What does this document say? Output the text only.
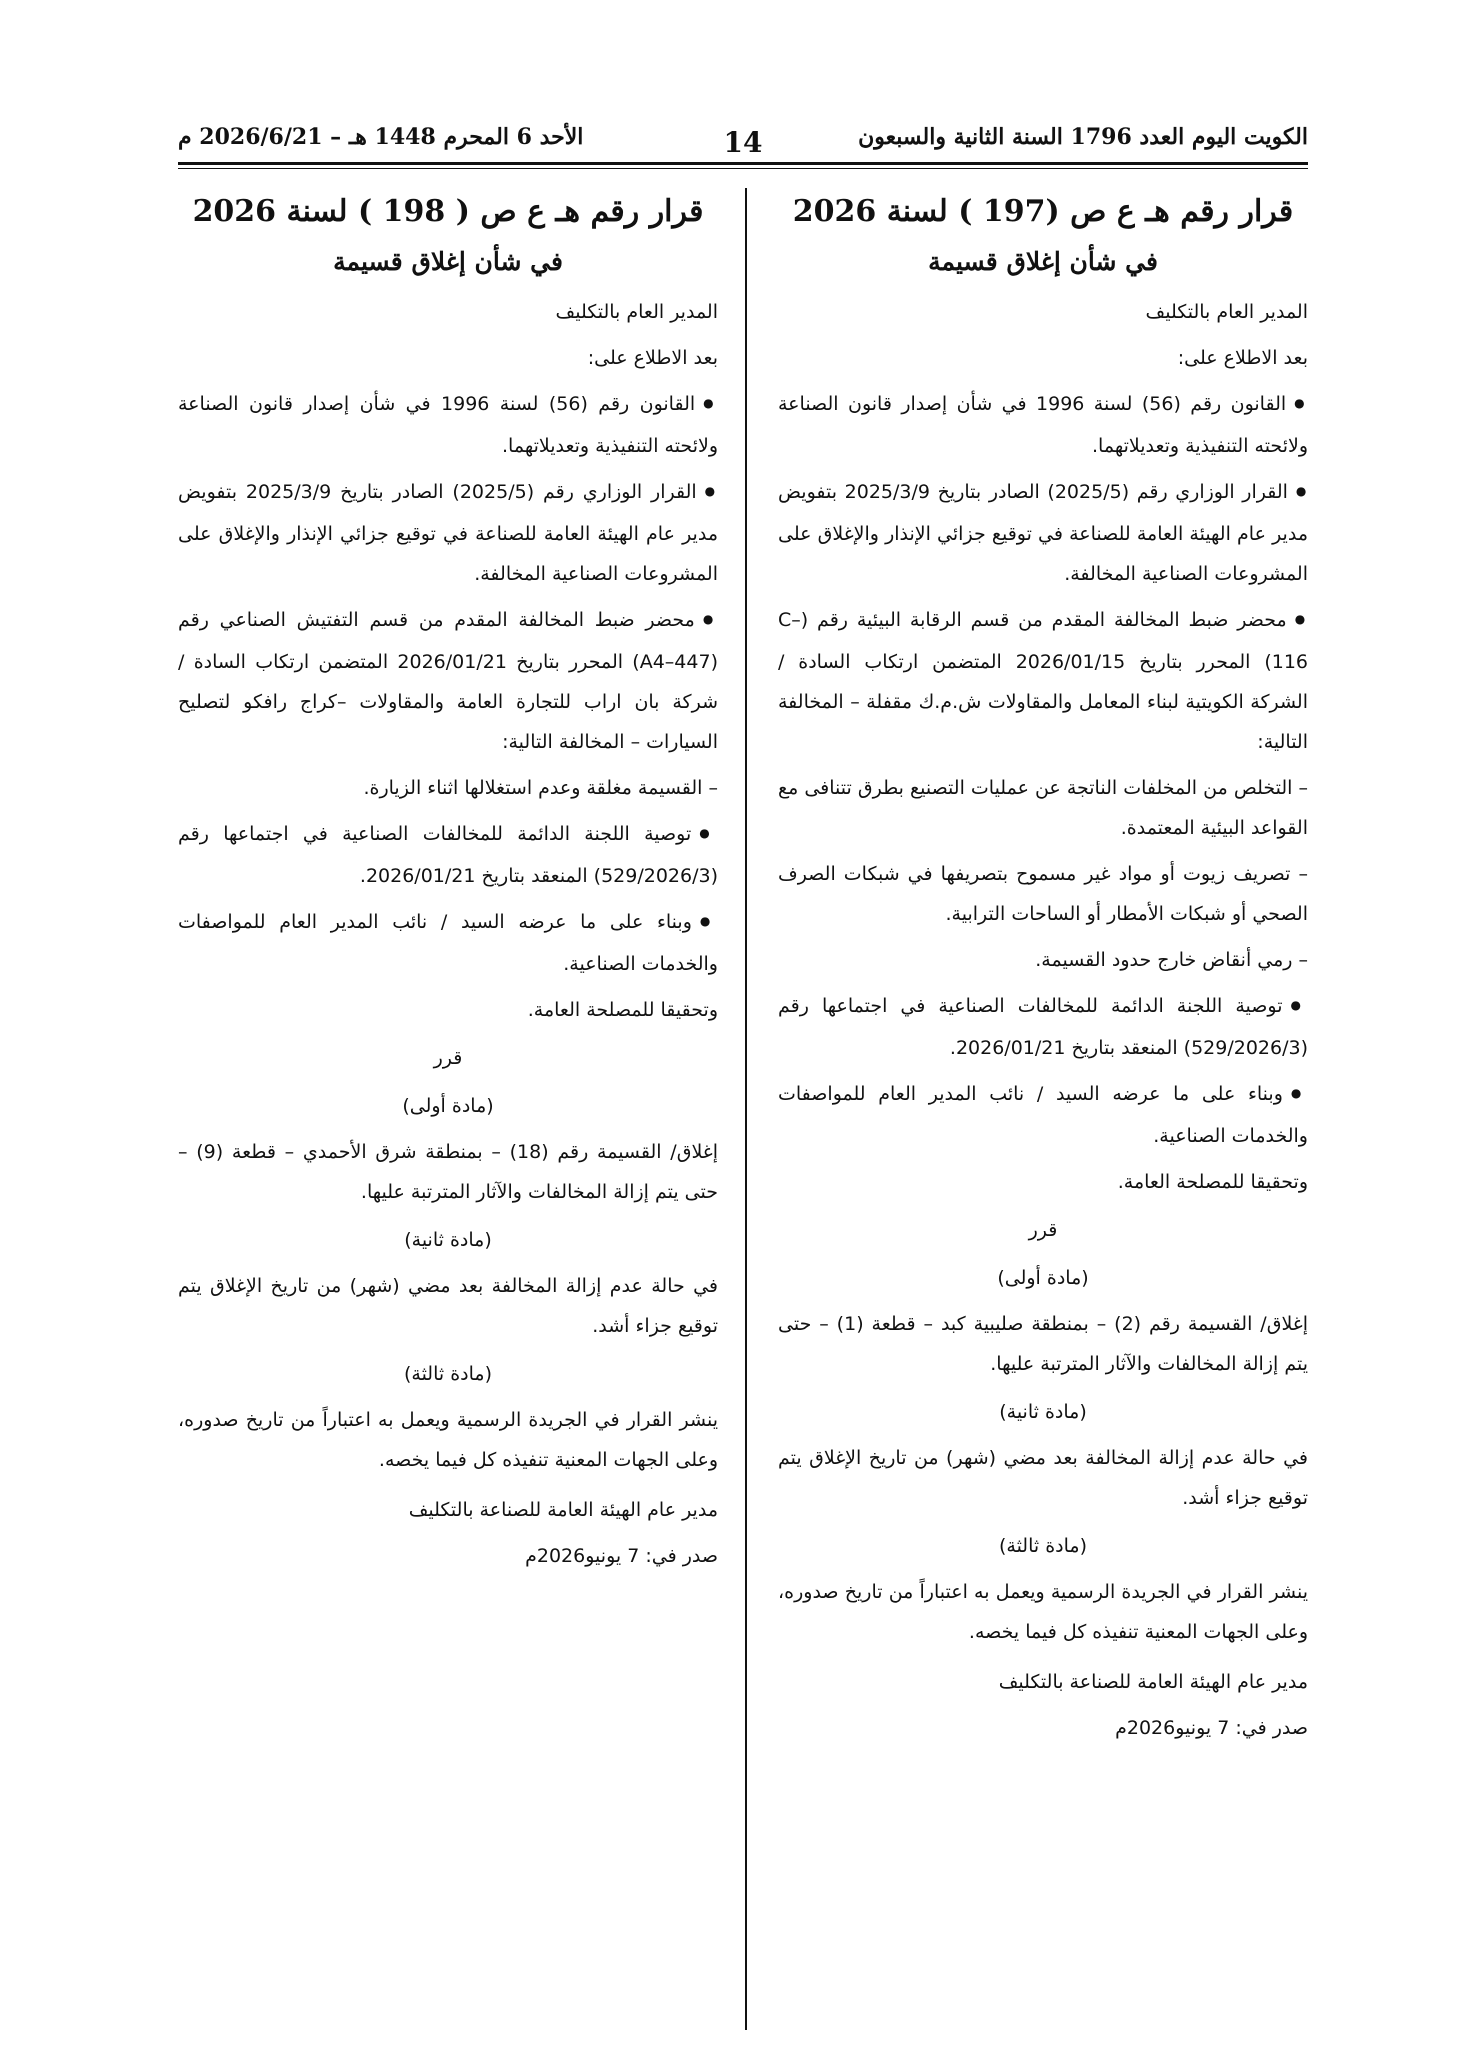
الكويت اليوم العدد 1796 السنة الثانية والسبعون
14
الأحد 6 المحرم 1448 هـ – 2026/6/21 م
قرار رقم هـ ع ص (197 ) لسنة 2026
في شأن إغلاق قسيمة
المدير العام بالتكليف
بعد الاطلاع على:
● القانون رقم (56) لسنة 1996 في شأن إصدار قانون الصناعة ولائحته التنفيذية وتعديلاتهما.
● القرار الوزاري رقم (2025/5) الصادر بتاريخ 2025/3/9 بتفويض مدير عام الهيئة العامة للصناعة في توقيع جزائي الإنذار والإغلاق على المشروعات الصناعية المخالفة.
● محضر ضبط المخالفة المقدم من قسم الرقابة البيئية رقم (C–116) المحرر بتاريخ 2026/01/15 المتضمن ارتكاب السادة / الشركة الكويتية لبناء المعامل والمقاولات ش.م.ك مقفلة – المخالفة التالية:
– التخلص من المخلفات الناتجة عن عمليات التصنيع بطرق تتنافى مع القواعد البيئية المعتمدة.
– تصريف زيوت أو مواد غير مسموح بتصريفها في شبكات الصرف الصحي أو شبكات الأمطار أو الساحات الترابية.
– رمي أنقاض خارج حدود القسيمة.
● توصية اللجنة الدائمة للمخالفات الصناعية في اجتماعها رقم (529/2026/3) المنعقد بتاريخ 2026/01/21.
● وبناء على ما عرضه السيد / نائب المدير العام للمواصفات والخدمات الصناعية.
وتحقيقا للمصلحة العامة.
قرر
(مادة أولى)
إغلاق/ القسيمة رقم (2) – بمنطقة صليبية كبد – قطعة (1) – حتى يتم إزالة المخالفات والآثار المترتبة عليها.
(مادة ثانية)
في حالة عدم إزالة المخالفة بعد مضي (شهر) من تاريخ الإغلاق يتم توقيع جزاء أشد.
(مادة ثالثة)
ينشر القرار في الجريدة الرسمية ويعمل به اعتباراً من تاريخ صدوره، وعلى الجهات المعنية تنفيذه كل فيما يخصه.
مدير عام الهيئة العامة للصناعة بالتكليف
صدر في: 7 يونيو2026م
قرار رقم هـ ع ص ( 198 ) لسنة 2026
في شأن إغلاق قسيمة
المدير العام بالتكليف
بعد الاطلاع على:
● القانون رقم (56) لسنة 1996 في شأن إصدار قانون الصناعة ولائحته التنفيذية وتعديلاتهما.
● القرار الوزاري رقم (2025/5) الصادر بتاريخ 2025/3/9 بتفويض مدير عام الهيئة العامة للصناعة في توقيع جزائي الإنذار والإغلاق على المشروعات الصناعية المخالفة.
● محضر ضبط المخالفة المقدم من قسم التفتيش الصناعي رقم (A4–447) المحرر بتاريخ 2026/01/21 المتضمن ارتكاب السادة / شركة بان اراب للتجارة العامة والمقاولات –كراج رافكو لتصليح السيارات – المخالفة التالية:
– القسيمة مغلقة وعدم استغلالها اثناء الزيارة.
● توصية اللجنة الدائمة للمخالفات الصناعية في اجتماعها رقم (529/2026/3) المنعقد بتاريخ 2026/01/21.
● وبناء على ما عرضه السيد / نائب المدير العام للمواصفات والخدمات الصناعية.
وتحقيقا للمصلحة العامة.
قرر
(مادة أولى)
إغلاق/ القسيمة رقم (18) – بمنطقة شرق الأحمدي – قطعة (9) – حتى يتم إزالة المخالفات والآثار المترتبة عليها.
(مادة ثانية)
في حالة عدم إزالة المخالفة بعد مضي (شهر) من تاريخ الإغلاق يتم توقيع جزاء أشد.
(مادة ثالثة)
ينشر القرار في الجريدة الرسمية ويعمل به اعتباراً من تاريخ صدوره، وعلى الجهات المعنية تنفيذه كل فيما يخصه.
مدير عام الهيئة العامة للصناعة بالتكليف
صدر في: 7 يونيو2026م
